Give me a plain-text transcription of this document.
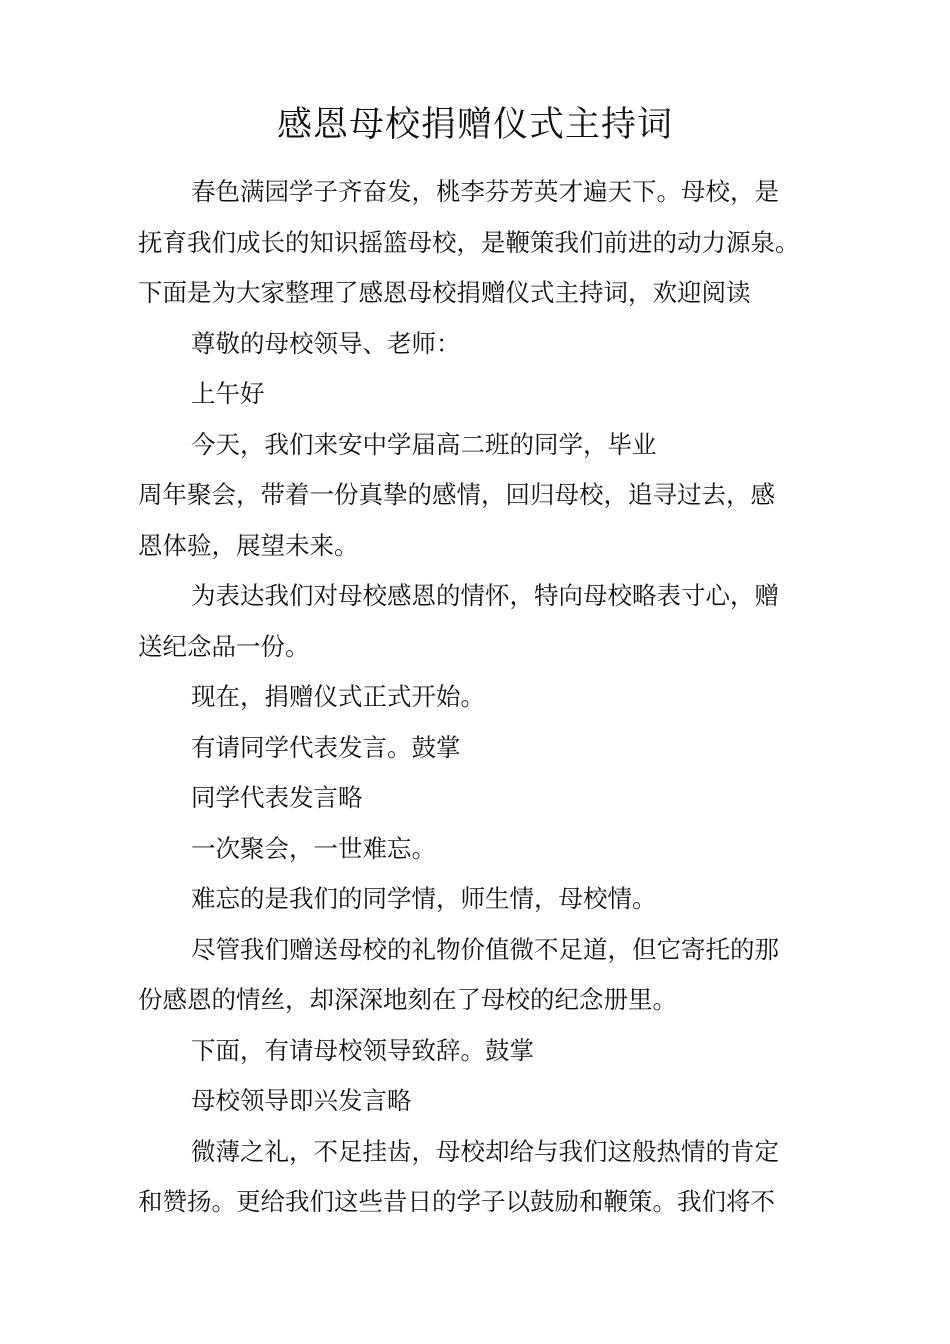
感恩母校捐赠仪式主持词

春色满园学子齐奋发，桃李芬芳英才遍天下。母校，是

抚育我们成长的知识摇篮母校，是鞭策我们前进的动力源泉。

下面是为大家整理了感恩母校捐赠仪式主持词，欢迎阅读

尊敬的母校领导、老师：

上午好

今天，我们来安中学届高二班的同学，毕业

周年聚会，带着一份真挚的感情，回归母校，追寻过去，感

恩体验，展望未来。

为表达我们对母校感恩的情怀，特向母校略表寸心，赠

送纪念品一份。

现在，捐赠仪式正式开始。

有请同学代表发言。鼓掌

同学代表发言略

一次聚会，一世难忘。

难忘的是我们的同学情，师生情，母校情。

尽管我们赠送母校的礼物价值微不足道，但它寄托的那

份感恩的情丝，却深深地刻在了母校的纪念册里。

下面，有请母校领导致辞。鼓掌

母校领导即兴发言略

微薄之礼，不足挂齿，母校却给与我们这般热情的肯定

和赞扬。更给我们这些昔日的学子以鼓励和鞭策。我们将不
